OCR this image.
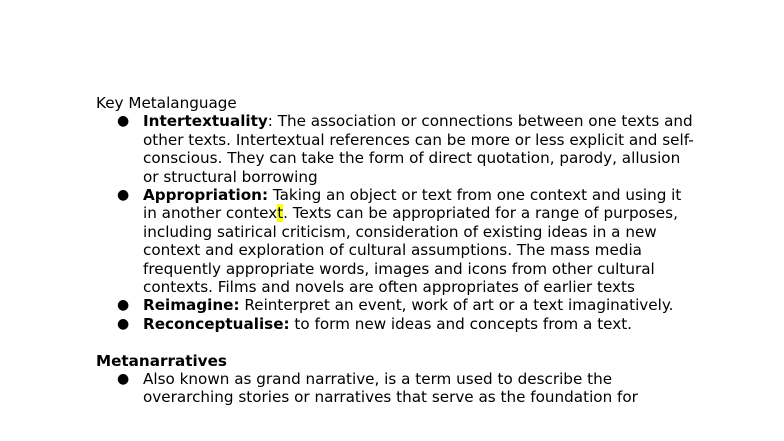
Key Metalanguage

● Intertextuality: The association or connections between one texts and other texts. Intertextual references can be more or less explicit and self-conscious. They can take the form of direct quotation, parody, allusion or structural borrowing
● Appropriation: Taking an object or text from one context and using it in another context. Texts can be appropriated for a range of purposes, including satirical criticism, consideration of existing ideas in a new context and exploration of cultural assumptions. The mass media frequently appropriate words, images and icons from other cultural contexts. Films and novels are often appropriates of earlier texts
● Reimagine: Reinterpret an event, work of art or a text imaginatively.
● Reconceptualise: to form new ideas and concepts from a text.

Metanarratives

● Also known as grand narrative, is a term used to describe the overarching stories or narratives that serve as the foundation for
